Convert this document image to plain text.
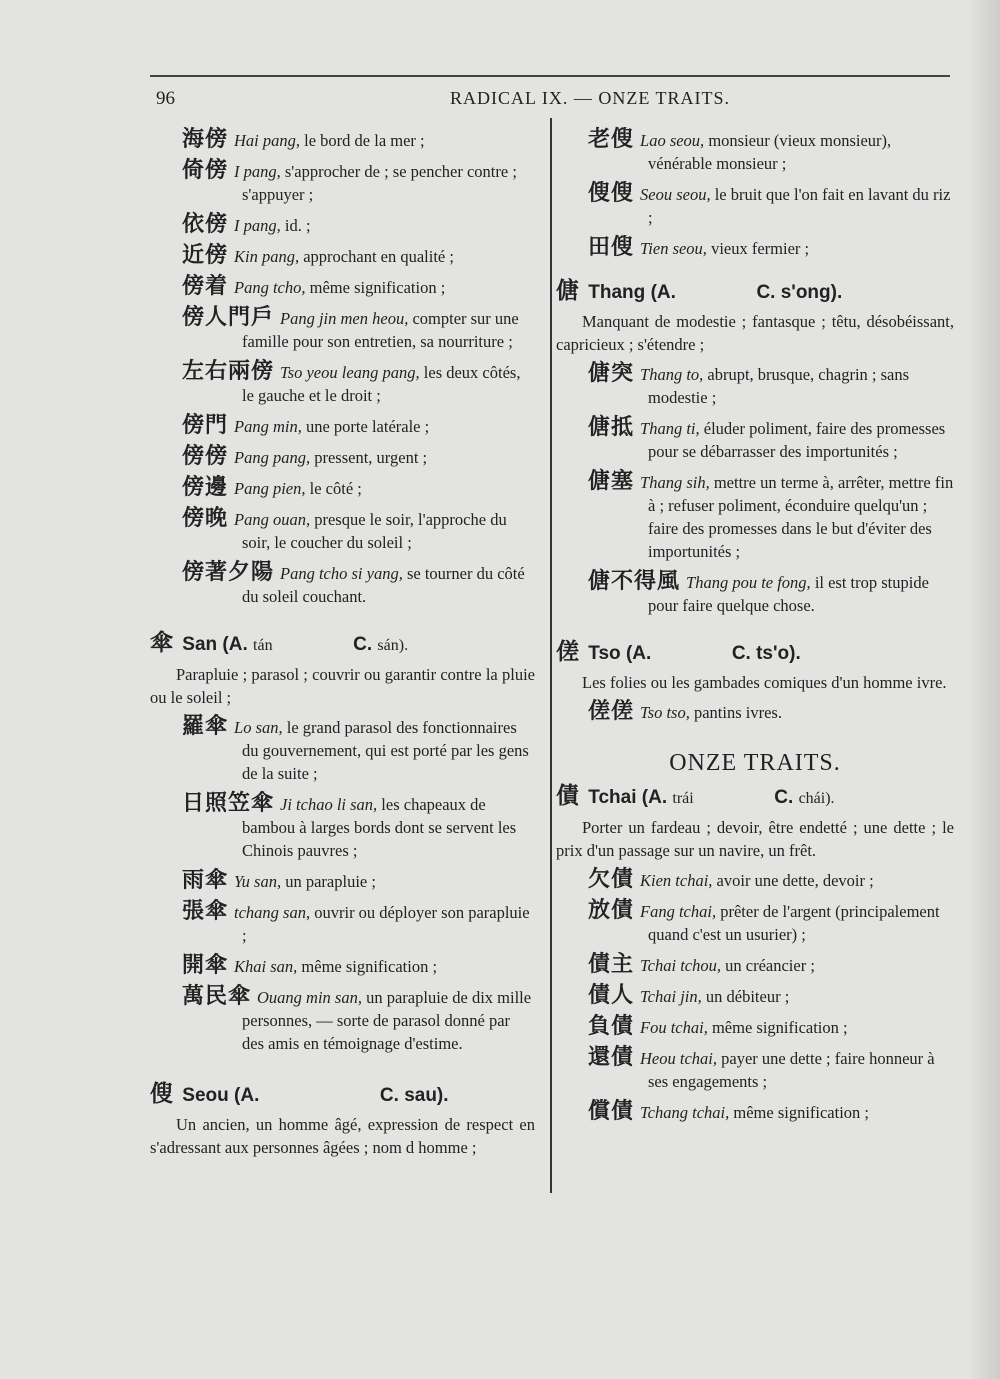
96	RADICAL IX. — ONZE TRAITS.

海傍 Hai pang, le bord de la mer ;

倚傍 I pang, s'approcher de ; se pencher contre ; s'appuyer ;

依傍 I pang, id. ;

近傍 Kin pang, approchant en qualité ;

傍着 Pang tcho, même signification ;

傍人門戶 Pang jin men heou, compter sur une famille pour son entretien, sa nourriture ;

左右兩傍 Tso yeou leang pang, les deux côtés, le gauche et le droit ;

傍門 Pang min, une porte latérale ;

傍傍 Pang pang, pressent, urgent ;

傍邊 Pang pien, le côté ;

傍晚 Pang ouan, presque le soir, l'approche du soir, le coucher du soleil ;

傍著夕陽 Pang tcho si yang, se tourner du côté du soleil couchant.

傘 San (A. tán	C. sán).

Parapluie ; parasol ; couvrir ou garantir contre la pluie ou le soleil ;

羅傘 Lo san, le grand parasol des fonctionnaires du gouvernement, qui est porté par les gens de la suite ;

日照笠傘 Ji tchao li san, les chapeaux de bambou à larges bords dont se servent les Chinois pauvres ;

雨傘 Yu san, un parapluie ;

張傘 tchang san, ouvrir ou déployer son parapluie ;

開傘 Khai san, même signification ;

萬民傘 Ouang min san, un parapluie de dix mille personnes, — sorte de parasol donné par des amis en témoignage d'estime.

傁 Seou (A.	C. sau).

Un ancien, un homme âgé, expression de respect en s'adressant aux personnes âgées ; nom d homme ;

老傁 Lao seou, monsieur (vieux monsieur), vénérable monsieur ;

傁傁 Seou seou, le bruit que l'on fait en lavant du riz ;

田傁 Tien seou, vieux fermier ;

傏 Thang (A.	C. s'ong).

Manquant de modestie ; fantasque ; têtu, désobéissant, capricieux ; s'étendre ;

傏突 Thang to, abrupt, brusque, chagrin ; sans modestie ;

傏抵 Thang ti, éluder poliment, faire des promesses pour se débarrasser des importunités ;

傏塞 Thang sih, mettre un terme à, arrêter, mettre fin à ; refuser poliment, éconduire quelqu'un ; faire des promesses dans le but d'éviter des importunités ;

傏不得風 Thang pou te fong, il est trop stupide pour faire quelque chose.

傞 Tso (A.	C. ts'o).

Les folies ou les gambades comiques d'un homme ivre.

傞傞 Tso tso, pantins ivres.

ONZE TRAITS.
債 Tchai (A. trái	C. chái).

Porter un fardeau ; devoir, être endetté ; une dette ; le prix d'un passage sur un navire, un frêt.

欠債 Kien tchai, avoir une dette, devoir ;

放債 Fang tchai, prêter de l'argent (principalement quand c'est un usurier) ;

債主 Tchai tchou, un créancier ;

債人 Tchai jin, un débiteur ;

負債 Fou tchai, même signification ;

還債 Heou tchai, payer une dette ; faire honneur à ses engagements ;

償債 Tchang tchai, même signification ;
